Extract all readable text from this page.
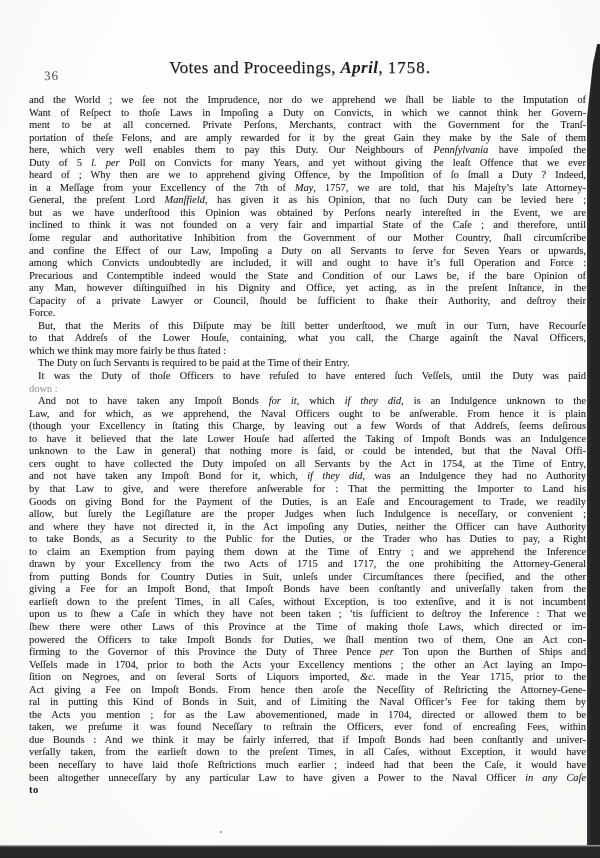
36	Votes and Proceedings, April, 1758.
and the World ; we ſee not the Imprudence, nor do we apprehend we ſhall be liable to the Imputation of
Want of Reſpect to thoſe Laws in Impoſing a Duty on Convicts, in which we cannot think her Govern-
ment to be at all concerned. Private Perſons, Merchants, contract with the Government for the Tranſ-
portation of theſe Felons, and are amply rewarded for it by the great Gain they make by the Sale of them
here, which very well enables them to pay this Duty. Our Neighbours of Pennſylvania have impoſed the
Duty of 5 l. per Poll on Convicts for many Years, and yet without giving the leaſt Offence that we ever
heard of ; Why then are we to apprehend giving Offence, by the Impoſition of ſo ſmall a Duty ? Indeed,
in a Meſſage from your Excellency of the 7th of May, 1757, we are told, that his Majeſty’s late Attorney-
General, the preſent Lord Manſfield, has given it as his Opinion, that no ſuch Duty can be levied here ;
but as we have underſtood this Opinion was obtained by Perſons nearly intereſted in the Event, we are
inclined to think it was not founded on a very fair and impartial State of the Caſe ; and therefore, until
ſome regular and authoritative Inhibition from the Government of our Mother Country, ſhall circumſcribe
and confine the Effect of our Law, Impoſing a Duty on all Servants to ſerve for Seven Years or upwards,
among which Convicts undoubtedly are included, it will and ought to have it’s full Operation and Force :
Precarious and Contemptible indeed would the State and Condition of our Laws be, if the bare Opinion of
any Man, however diſtinguiſhed in his Dignity and Office, yet acting, as in the preſent Inſtance, in the
Capacity of a private Lawyer or Council, ſhould be ſufficient to ſhake their Authority, and deſtroy their
Force.
But, that the Merits of this Diſpute may be ſtill better underſtood, we muſt in our Turn, have Recourſe
to that Addreſs of the Lower Houſe, containing, what you call, the Charge againſt the Naval Officers,
which we think may more fairly be thus ſtated :
The Duty on ſuch Servants is required to be paid at the Time of their Entry.
It was the Duty of thoſe Officers to have refuſed to have entered ſuch Veſſels, until the Duty was paid
down :
And not to have taken any Impoſt Bonds for it, which if they did, is an Indulgence unknown to the
Law, and for which, as we apprehend, the Naval Officers ought to be anſwerable. From hence it is plain
(though your Excellency in ſtating this Charge, by leaving out a few Words of that Addreſs, ſeems deſirous
to have it believed that the late Lower Houſe had aſſerted the Taking of Impoſt Bonds was an Indulgence
unknown to the Law in general) that nothing more is ſaid, or could be intended, but that the Naval Offi-
cers ought to have collected the Duty impoſed on all Servants by the Act in 1754, at the Time of Entry,
and not have taken any Impoſt Bond for it, which, if they did, was an Indulgence they had no Authority
by that Law to give, and were therefore anſwerable for : That the permitting the Importer to Land his
Goods on giving Bond for the Payment of the Duties, is an Eaſe and Encouragement to Trade, we readily
allow, but ſurely the Legiſlature are the proper Judges when ſuch Indulgence is neceſſary, or convenient ;
and where they have not directed it, in the Act impoſing any Duties, neither the Officer can have Authority
to take Bonds, as a Security to the Public for the Duties, or the Trader who has Duties to pay, a Right
to claim an Exemption from paying them down at the Time of Entry ; and we apprehend the Inference
drawn by your Excellency from the two Acts of 1715 and 1717, the one prohibiting the Attorney-General
from putting Bonds for Country Duties in Suit, unleſs under Circumſtances there ſpecified, and the other
giving a Fee for an Impoſt Bond, that Impoſt Bonds have been conſtantly and univerſally taken from the
earlieſt down to the preſent Times, in all Caſes, without Exception, is too extenſive, and it is not incumbent
upon us to ſhew a Caſe in which they have not been taken ; ’tis ſufficient to deſtroy the Inference : That we
ſhew there were other Laws of this Province at the Time of making thoſe Laws, which directed or im-
powered the Officers to take Impoſt Bonds for Duties, we ſhall mention two of them, One an Act con-
firming to the Governor of this Province the Duty of Three Pence per Ton upon the Burthen of Ships and
Veſſels made in 1704, prior to both the Acts your Excellency mentions ; the other an Act laying an Impo-
ſition on Negroes, and on ſeveral Sorts of Liquors imported, &c. made in the Year 1715, prior to the
Act giving a Fee on Impoſt Bonds. From hence then aroſe the Neceſſity of Reſtricting the Attorney-Gene-
ral in putting this Kind of Bonds in Suit, and of Limiting the Naval Officer’s Fee for taking them by
the Acts you mention ; for as the Law abovementioned, made in 1704, directed or allowed them to be
taken, we preſume it was found Neceſſary to reſtrain the Officers, ever fond of encreaſing Fees, within
due Bounds : And we think it may be fairly inferred, that if Impoſt Bonds had been conſtantly and univer-
verſally taken, from the earlieſt down to the preſent Times, in all Caſes, without Exception, it would have
been neceſſary to have laid thoſe Reſtrictions much earlier ; indeed had that been the Caſe, it would have
been altogether unneceſſary by any particular Law to have given a Power to the Naval Officer in any Caſe
to
